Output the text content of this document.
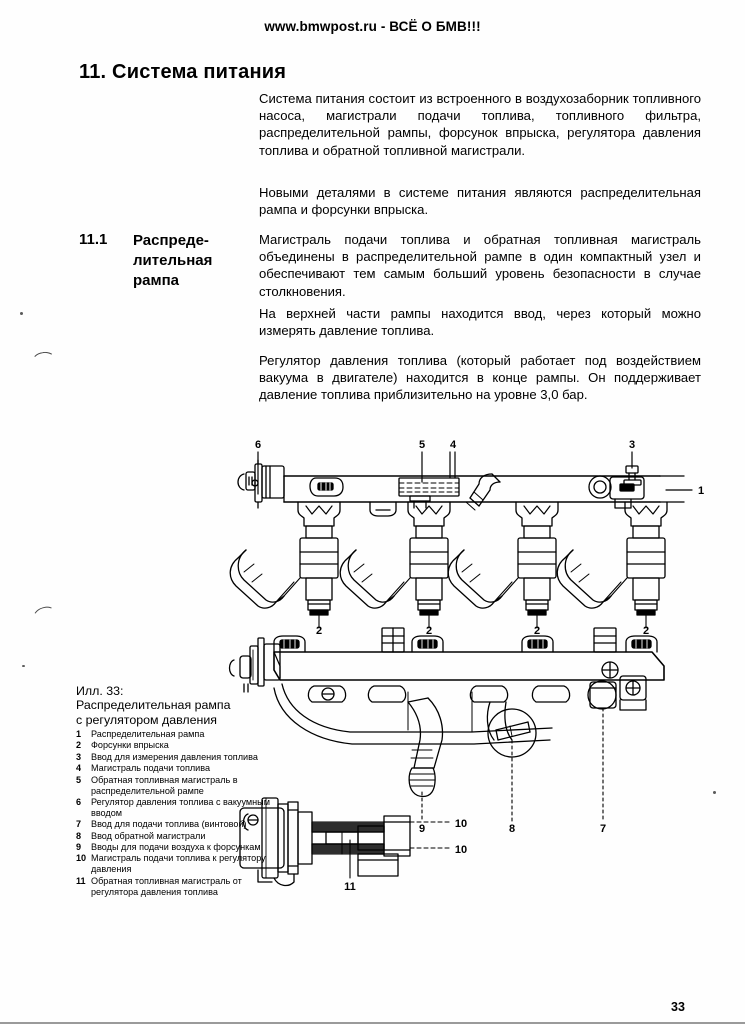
www.bmwpost.ru - ВСЁ О БМВ!!!
11. Система питания
Система питания состоит из встроенного в воздухозаборник топливного насоса, магистрали подачи топлива, топливного фильтра, распределительной рампы, форсунок впрыска, регулятора давления топлива и обратной топливной магистрали.
Новыми деталями в системе питания являются распределительная рампа и форсунки впрыска.
11.1 Распреде-лительная рампа
Магистраль подачи топлива и обратная топливная магистраль объединены в распределительной рампе в один компактный узел и обеспечивают тем самым больший уровень безопасности в случае столкновения.
На верхней части рампы находится ввод, через который можно измерять давление топлива.
Регулятор давления топлива (который работает под воздействием вакуума в двигателе) находится в конце рампы. Он поддерживает давление топлива приблизительно на уровне 3,0 бар.
6	5 4	3
1
2	2	2	2
9	8	7
10
10
11
Илл. 33:
Распределительная рампа
с регулятором давления
1	Распределительная рампа
2	Форсунки впрыска
3	Ввод для измерения давления топлива
4	Магистраль подачи топлива
5	Обратная топливная магистраль в распределительной рампе
6	Регулятор давления топлива с вакуумным вводом
7	Ввод для подачи топлива (винтовой)
8	Ввод обратной магистрали
9	Вводы для подачи воздуха к форсункам
10 Магистраль подачи топлива к регулятору давления
11 Обратная топливная магистраль от регулятора давления топлива
33
